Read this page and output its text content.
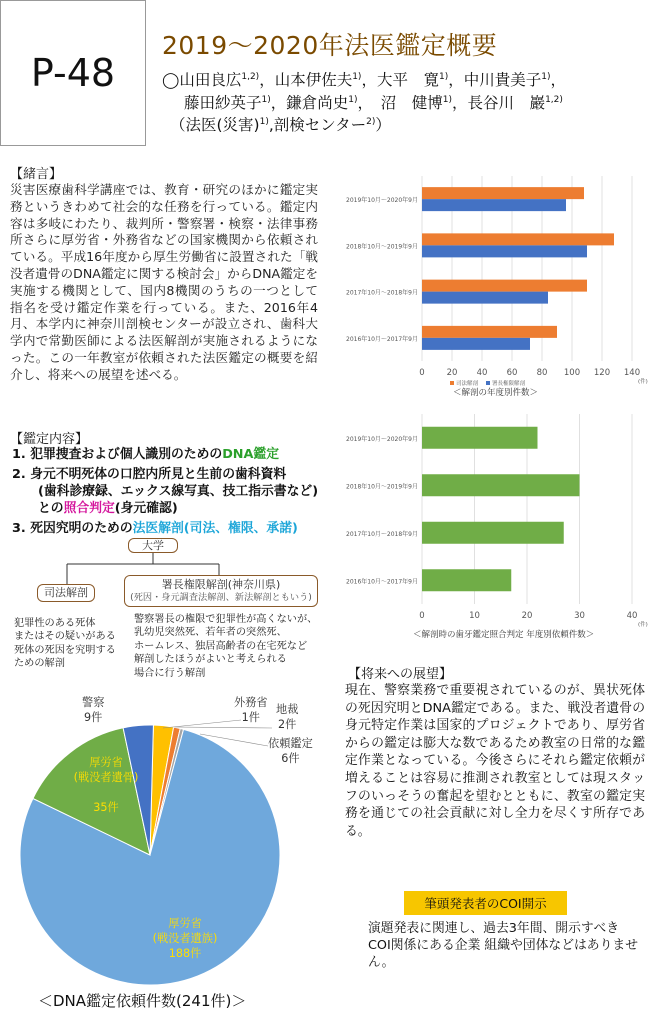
P-48
2019〜2020年法医鑑定概要
◯山田良広$^{1,2)}$，山本伊佐夫$^{1)}$，大平　寛$^{1)}$，中川貴美子$^{1)}$，
藤田紗英子$^{1)}$，鎌倉尚史$^{1)}$，　沼　健博$^{1)}$，長谷川　巖$^{1,2)}$
（法医(災害)$^{1)}$,剖検センター$^{2)}$）
【緒言】
災害医療歯科学講座では、教育・研究のほかに鑑定実務というきわめて社会的な任務を行っている。鑑定内容は多岐にわたり、裁判所・警察署・検察・法律事務所さらに厚労省・外務省などの国家機関から依頼されている。平成16年度から厚生労働省に設置された「戦没者遺骨のDNA鑑定に関する検討会」からDNA鑑定を実施する機関として、国内8機関のうちの一つとして指名を受け鑑定作業を行っている。また、2016年4月、本学内に神奈川剖検センターが設立され、歯科大学内で常勤医師による法医解剖が実施されるようになった。この一年教室が依頼された法医鑑定の概要を紹介し、将来への展望を述べる。
【鑑定内容】
1. 犯罪捜査および個人識別のためのDNA鑑定
2. 身元不明死体の口腔内所見と生前の歯科資料
(歯科診療録、エックス線写真、技工指示書など)
との照合判定(身元確認)
3. 死因究明のための法医解剖(司法、権限、承諾)
大学
司法解剖
署長権限解剖(神奈川県)
(死因・身元調査法解剖、新法解剖ともいう)
犯罪性のある死体
またはその疑いがある
死体の死因を究明する
ための解剖
警察署長の権限で犯罪性が高くないが、
乳幼児突然死、若年者の突然死、
ホームレス、独居高齢者の在宅死など
解剖したほうがよいと考えられる
場合に行う解剖
0	20 40 60 80 100 120 140
(件)
2016年10月〜2017年9月
2017年10月〜2018年9月
2018年10月〜2019年9月
2019年10月〜2020年9月
司法解剖	署長権限解剖
＜解剖の年度別件数＞
0	10	20	30	40
(件)
2016年10月〜2017年9月
2017年10月〜2018年9月
2018年10月〜2019年9月
2019年10月〜2020年9月
＜解剖時の歯牙鑑定照合判定 年度別依頼件数＞
警察
9件
外務省
1件
地裁
2件
依頼鑑定
6件

厚労省
(戦没者遺骨)

35件

厚労省
(戦没者遺族)
188件
＜DNA鑑定依頼件数(241件)＞
【将来への展望】
現在、警察業務で重要視されているのが、異状死体の死因究明とDNA鑑定である。また、戦没者遺骨の身元特定作業は国家的プロジェクトであり、厚労省からの鑑定は膨大な数であるため教室の日常的な鑑定作業となっている。今後さらにそれら鑑定依頼が増えることは容易に推測され教室としては現スタッフのいっそうの奮起を望むとともに、教室の鑑定実務を通じての社会貢献に対し全力を尽くす所存である。
筆頭発表者のCOI開示
演題発表に関連し、過去3年間、開示すべきCOI関係にある企業 組織や団体などはありません。
